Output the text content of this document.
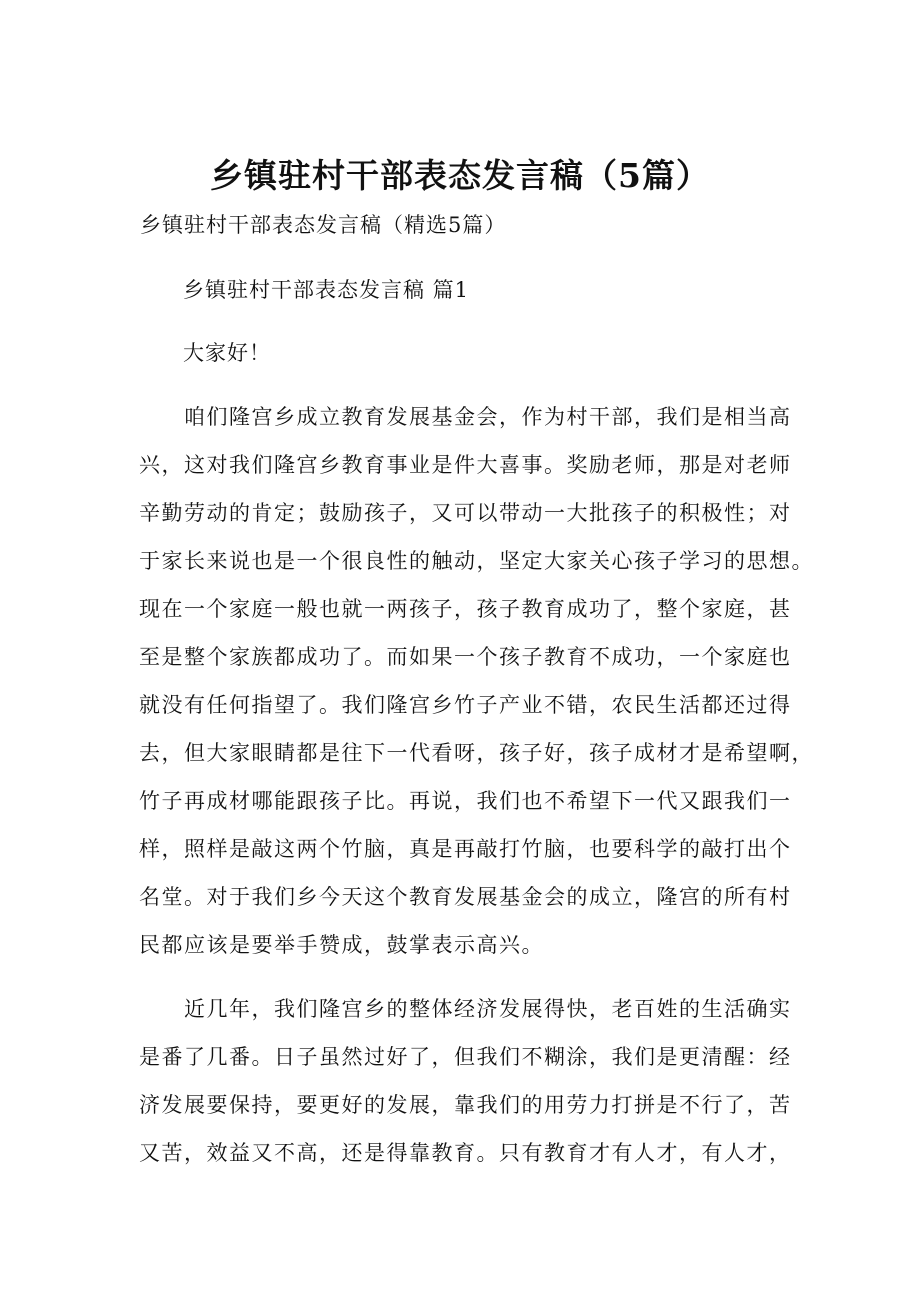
乡镇驻村干部表态发言稿（5篇）
乡镇驻村干部表态发言稿（精选5篇）
乡镇驻村干部表态发言稿 篇1
大家好！
咱们隆宫乡成立教育发展基金会，作为村干部，我们是相当高
兴，这对我们隆宫乡教育事业是件大喜事。奖励老师，那是对老师
辛勤劳动的肯定；鼓励孩子，又可以带动一大批孩子的积极性；对
于家长来说也是一个很良性的触动，坚定大家关心孩子学习的思想。
现在一个家庭一般也就一两孩子，孩子教育成功了，整个家庭，甚
至是整个家族都成功了。而如果一个孩子教育不成功，一个家庭也
就没有任何指望了。我们隆宫乡竹子产业不错，农民生活都还过得
去，但大家眼睛都是往下一代看呀，孩子好，孩子成材才是希望啊，
竹子再成材哪能跟孩子比。再说，我们也不希望下一代又跟我们一
样，照样是敲这两个竹脑，真是再敲打竹脑，也要科学的敲打出个
名堂。对于我们乡今天这个教育发展基金会的成立，隆宫的所有村
民都应该是要举手赞成，鼓掌表示高兴。
近几年，我们隆宫乡的整体经济发展得快，老百姓的生活确实
是番了几番。日子虽然过好了，但我们不糊涂，我们是更清醒：经
济发展要保持，要更好的发展，靠我们的用劳力打拼是不行了，苦
又苦，效益又不高，还是得靠教育。只有教育才有人才，有人才，
